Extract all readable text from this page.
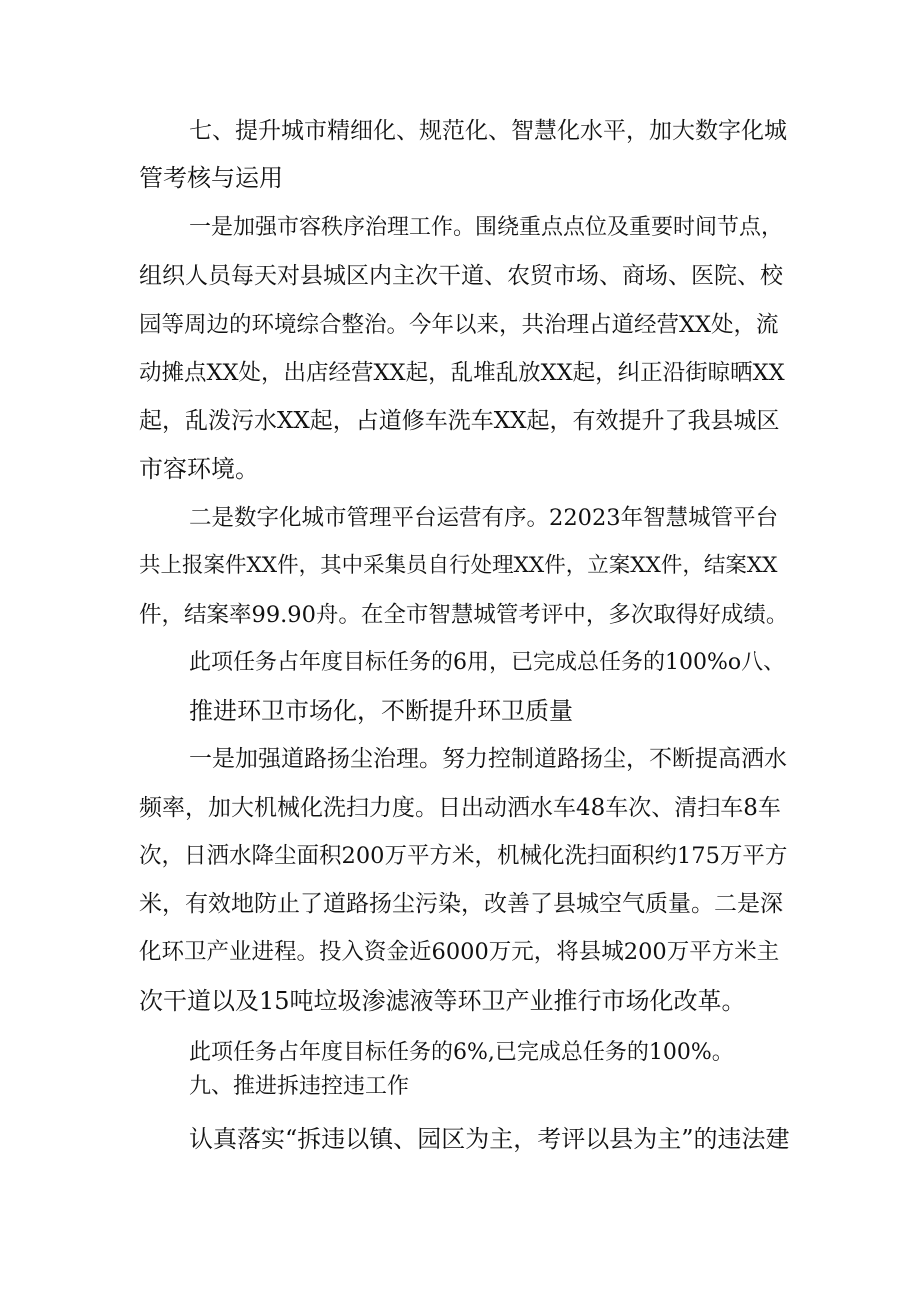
七、提升城市精细化、规范化、智慧化水平，加大数字化城

管考核与运用

一是加强市容秩序治理工作。围绕重点点位及重要时间节点，

组织人员每天对县城区内主次干道、农贸市场、商场、医院、校

园等周边的环境综合整治。今年以来，共治理占道经营XX处，流

动摊点XX处，出店经营XX起，乱堆乱放XX起，纠正沿街晾晒XX

起，乱泼污水XX起，占道修车洗车XX起，有效提升了我县城区

市容环境。

二是数字化城市管理平台运营有序。22023年智慧城管平台

共上报案件XX件，其中采集员自行处理XX件，立案XX件，结案XX

件，结案率99.90舟。在全市智慧城管考评中，多次取得好成绩。

此项任务占年度目标任务的6用，已完成总任务的100%o八、

推进环卫市场化，不断提升环卫质量

一是加强道路扬尘治理。努力控制道路扬尘，不断提高洒水

频率，加大机械化洗扫力度。日出动洒水车48车次、清扫车8车

次，日洒水降尘面积200万平方米，机械化洗扫面积约175万平方

米，有效地防止了道路扬尘污染，改善了县城空气质量。二是深

化环卫产业进程。投入资金近6000万元，将县城200万平方米主

次干道以及15吨垃圾渗滤液等环卫产业推行市场化改革。

此项任务占年度目标任务的6%,已完成总任务的100%。

九、推进拆违控违工作

认真落实“拆违以镇、园区为主，考评以县为主”的违法建
